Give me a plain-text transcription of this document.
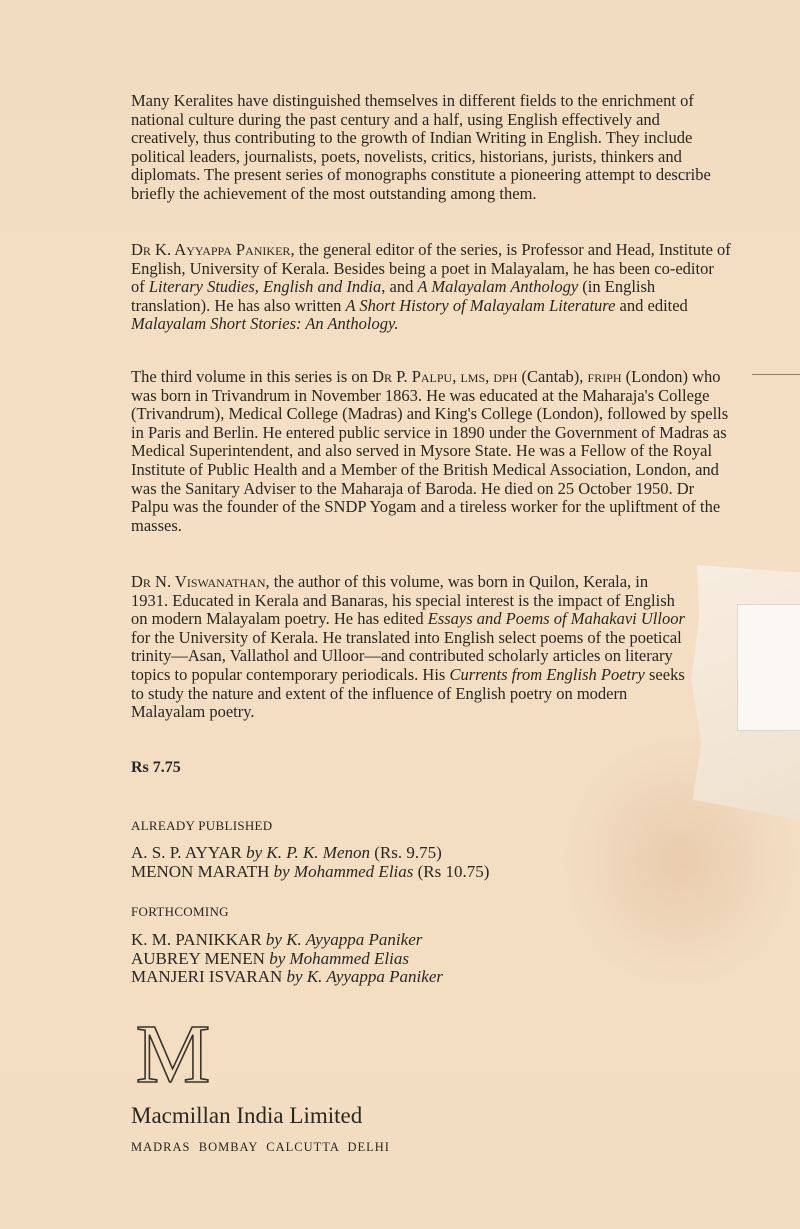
Many Keralites have distinguished themselves in different fields to the enrichment of national culture during the past century and a half, using English effectively and creatively, thus contributing to the growth of Indian Writing in English. They include political leaders, journalists, poets, novelists, critics, historians, jurists, thinkers and diplomats. The present series of monographs constitute a pioneering attempt to describe briefly the achievement of the most outstanding among them.

Dr K. Ayyappa Paniker, the general editor of the series, is Professor and Head, Institute of English, University of Kerala. Besides being a poet in Malayalam, he has been co-editor of Literary Studies, English and India, and A Malayalam Anthology (in English translation). He has also written A Short History of Malayalam Literature and edited Malayalam Short Stories: An Anthology.

The third volume in this series is on Dr P. Palpu, lms, dph (Cantab), friph (London) who was born in Trivandrum in November 1863. He was educated at the Maharaja's College (Trivandrum), Medical College (Madras) and King's College (London), followed by spells in Paris and Berlin. He entered public service in 1890 under the Government of Madras as Medical Superintendent, and also served in Mysore State. He was a Fellow of the Royal Institute of Public Health and a Member of the British Medical Association, London, and was the Sanitary Adviser to the Maharaja of Baroda. He died on 25 October 1950. Dr Palpu was the founder of the SNDP Yogam and a tireless worker for the upliftment of the masses.

Dr N. Viswanathan, the author of this volume, was born in Quilon, Kerala, in 1931. Educated in Kerala and Banaras, his special interest is the impact of English on modern Malayalam poetry. He has edited Essays and Poems of Mahakavi Ulloor for the University of Kerala. He translated into English select poems of the poetical trinity—Asan, Vallathol and Ulloor—and contributed scholarly articles on literary topics to popular contemporary periodicals. His Currents from English Poetry seeks to study the nature and extent of the influence of English poetry on modern Malayalam poetry.

Rs 7.75
ALREADY PUBLISHED
A. S. P. AYYAR by K. P. K. Menon (Rs. 9.75)
MENON MARATH by Mohammed Elias (Rs 10.75)
FORTHCOMING
K. M. PANIKKAR by K. Ayyappa Paniker
AUBREY MENEN by Mohammed Elias
MANJERI ISVARAN by K. Ayyappa Paniker
M
Macmillan India Limited
MADRAS  BOMBAY  CALCUTTA  DELHI
